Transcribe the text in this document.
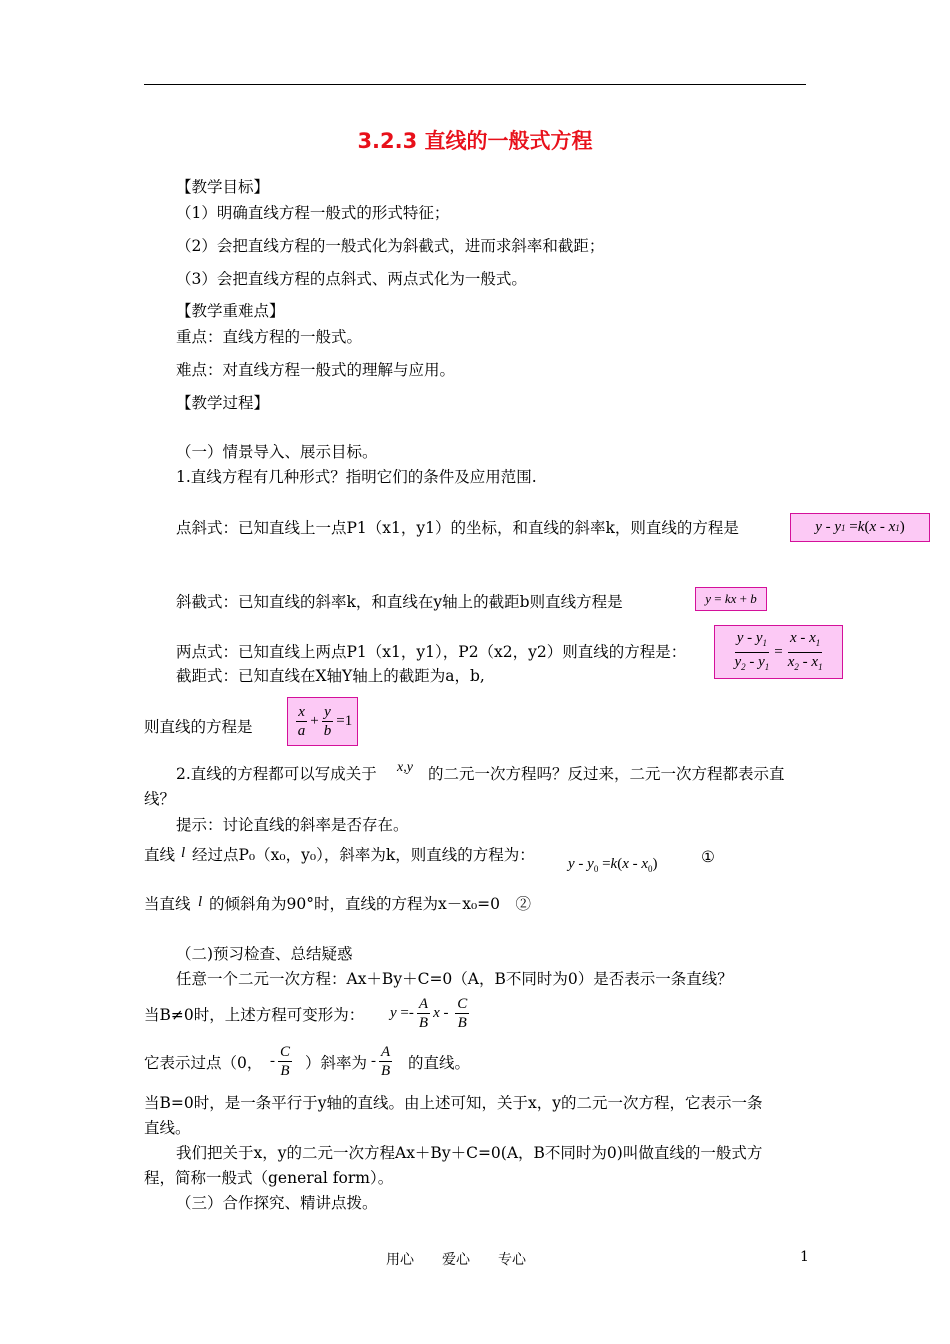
3.2.3 直线的一般式方程
【教学目标】
（1）明确直线方程一般式的形式特征；
（2）会把直线方程的一般式化为斜截式，进而求斜率和截距；
（3）会把直线方程的点斜式、两点式化为一般式。
【教学重难点】
重点：直线方程的一般式。
难点：对直线方程一般式的理解与应用。
【教学过程】
（一）情景导入、展示目标。
1.直线方程有几种形式？指明它们的条件及应用范围.
点斜式：已知直线上一点P1（x1，y1）的坐标，和直线的斜率k，则直线的方程是	y - y 1
= k ( x - x 1 )
斜截式：已知直线的斜率k，和直线在y轴上的截距b则直线方程是	y = kx + b
两点式：已知直线上两点P1（x1，y1），P2（x2，y2）则直线的方程是：	$\frac{y - y_1}{y_2 - y_1} = \frac{x - x_1}{x_2 - x_1}$
截距式：已知直线在X轴Y轴上的截距为a，b,
则直线的方程是	$\frac{x}{a} + \frac{y}{b} =1$
2.直线的方程都可以写成关于 x,y 的二元一次方程吗？反过来，二元一次方程都表示直
线？
提示：讨论直线的斜率是否存在。
直线 l 经过点P₀（x₀，y₀），斜率为k，则直线的方程为： $y - y_0 =k(x - x_0)$	①
当直线 l 的倾斜角为90°时，直线的方程为x－x₀=0　②
（二)预习检查、总结疑惑
任意一个二元一次方程：Ax＋By＋C=0（A，B不同时为0）是否表示一条直线？
当B≠0时，上述方程可变形为： $y =- \frac{A}{B}$ x - $\frac{C}{B}$
它表示过点（0， - $\frac{C}{B}$ ）斜率为 - $\frac{A}{B}$ 的直线。
当B=0时，是一条平行于y轴的直线。由上述可知，关于x，y的二元一次方程，它表示一条
直线。
我们把关于x，y的二元一次方程Ax＋By＋C=0(A，B不同时为0)叫做直线的一般式方
程，简称一般式（general form）。
（三）合作探究、精讲点拨。
用心　　爱心　　专心	1
